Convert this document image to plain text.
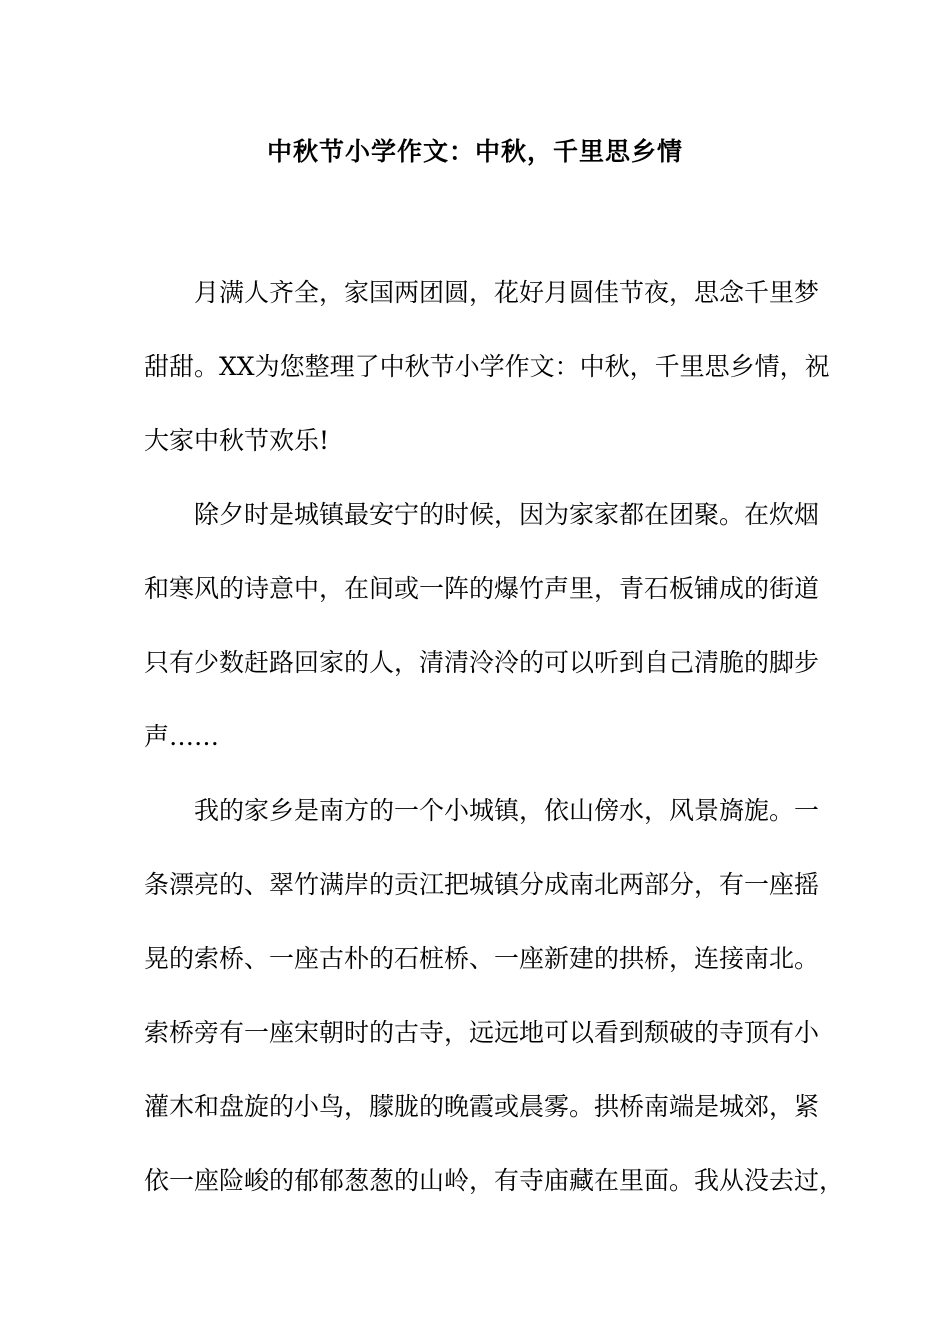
中秋节小学作文：中秋，千里思乡情
月满人齐全，家国两团圆，花好月圆佳节夜，思念千里梦
甜甜。XX为您整理了中秋节小学作文：中秋，千里思乡情，祝
大家中秋节欢乐!
除夕时是城镇最安宁的时候，因为家家都在团聚。在炊烟
和寒风的诗意中，在间或一阵的爆竹声里，青石板铺成的街道
只有少数赶路回家的人，清清泠泠的可以听到自己清脆的脚步
声……
我的家乡是南方的一个小城镇，依山傍水，风景旖旎。一
条漂亮的、翠竹满岸的贡江把城镇分成南北两部分，有一座摇
晃的索桥、一座古朴的石桩桥、一座新建的拱桥，连接南北。
索桥旁有一座宋朝时的古寺，远远地可以看到颓破的寺顶有小
灌木和盘旋的小鸟，朦胧的晚霞或晨雾。拱桥南端是城郊，紧
依一座险峻的郁郁葱葱的山岭，有寺庙藏在里面。我从没去过，
